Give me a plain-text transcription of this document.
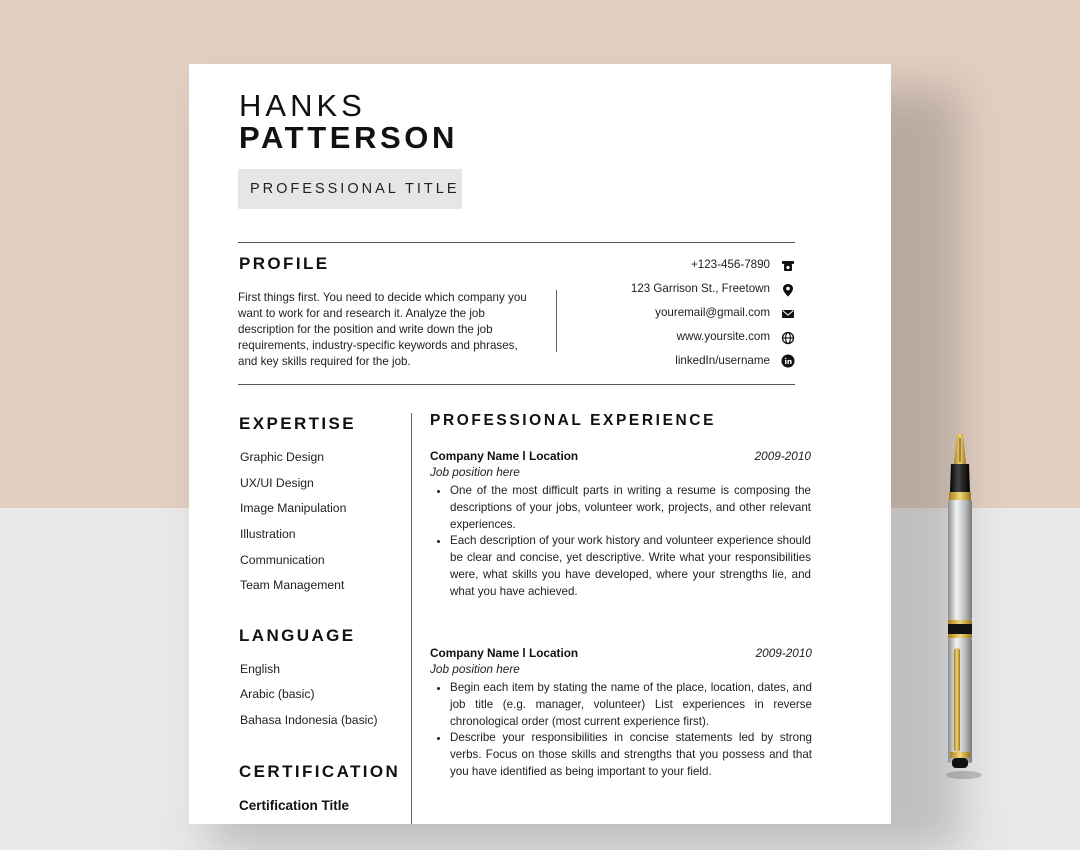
HANKS
PATTERSON
PROFESSIONAL TITLE
PROFILE
First things first. You need to decide which company you want to work for and research it. Analyze the job description for the position and write down the job requirements, industry-specific keywords and phrases, and key skills required for the job.
+123-456-7890
123 Garrison St., Freetown
youremail@gmail.com
www.yoursite.com
linkedIn/username
EXPERTISE
Graphic Design
UX/UI Design
Image Manipulation
Illustration
Communication
Team Management
LANGUAGE
English
Arabic (basic)
Bahasa Indonesia (basic)
CERTIFICATION
Certification Title
PROFESSIONAL EXPERIENCE
Company Name l Location	2009-2010
Job position here
• One of the most difficult parts in writing a resume is composing the descriptions of your jobs, volunteer work, projects, and other relevant experiences.
• Each description of your work history and volunteer experience should be clear and concise, yet descriptive. Write what your responsibilities were, what skills you have developed, where your strengths lie, and what you have achieved.
Company Name l Location	2009-2010
Job position here
• Begin each item by stating the name of the place, location, dates, and job title (e.g. manager, volunteer) List experiences in reverse chronological order (most current experience first).
• Describe your responsibilities in concise statements led by strong verbs. Focus on those skills and strengths that you possess and that you have identified as being important to your field.
